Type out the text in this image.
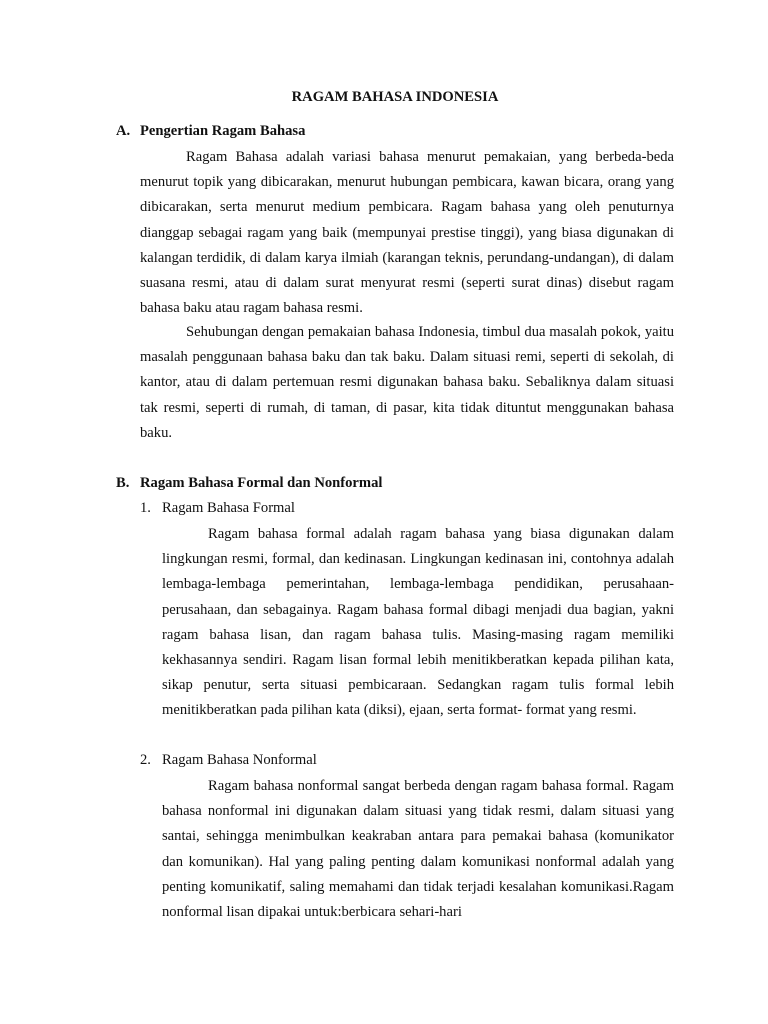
RAGAM BAHASA INDONESIA
A. Pengertian Ragam Bahasa

Ragam Bahasa adalah variasi bahasa menurut pemakaian, yang berbeda-beda menurut topik yang dibicarakan, menurut hubungan pembicara, kawan bicara, orang yang dibicarakan, serta menurut medium pembicara. Ragam bahasa yang oleh penuturnya dianggap sebagai ragam yang baik (mempunyai prestise tinggi), yang biasa digunakan di kalangan terdidik, di dalam karya ilmiah (karangan teknis, perundang-undangan), di dalam suasana resmi, atau di dalam surat menyurat resmi (seperti surat dinas) disebut ragam bahasa baku atau ragam bahasa resmi.

Sehubungan dengan pemakaian bahasa Indonesia, timbul dua masalah pokok, yaitu masalah penggunaan bahasa baku dan tak baku. Dalam situasi remi, seperti di sekolah, di kantor, atau di dalam pertemuan resmi digunakan bahasa baku. Sebaliknya dalam situasi tak resmi, seperti di rumah, di taman, di pasar, kita tidak dituntut menggunakan bahasa baku.

B. Ragam Bahasa Formal dan Nonformal
1. Ragam Bahasa Formal

Ragam bahasa formal adalah ragam bahasa yang biasa digunakan dalam lingkungan resmi, formal, dan kedinasan. Lingkungan kedinasan ini, contohnya adalah lembaga-lembaga pemerintahan, lembaga-lembaga pendidikan, perusahaan-perusahaan, dan sebagainya. Ragam bahasa formal dibagi menjadi dua bagian, yakni ragam bahasa lisan, dan ragam bahasa tulis. Masing-masing ragam memiliki kekhasannya sendiri. Ragam lisan formal lebih menitikberatkan kepada pilihan kata, sikap penutur, serta situasi pembicaraan. Sedangkan ragam tulis formal lebih menitikberatkan pada pilihan kata (diksi), ejaan, serta format- format yang resmi.

2. Ragam Bahasa Nonformal

Ragam bahasa nonformal sangat berbeda dengan ragam bahasa formal. Ragam bahasa nonformal ini digunakan dalam situasi yang tidak resmi, dalam situasi yang santai, sehingga menimbulkan keakraban antara para pemakai bahasa (komunikator dan komunikan). Hal yang paling penting dalam komunikasi nonformal adalah yang penting komunikatif, saling memahami dan tidak terjadi kesalahan komunikasi.Ragam nonformal lisan dipakai untuk:berbicara sehari-hari
